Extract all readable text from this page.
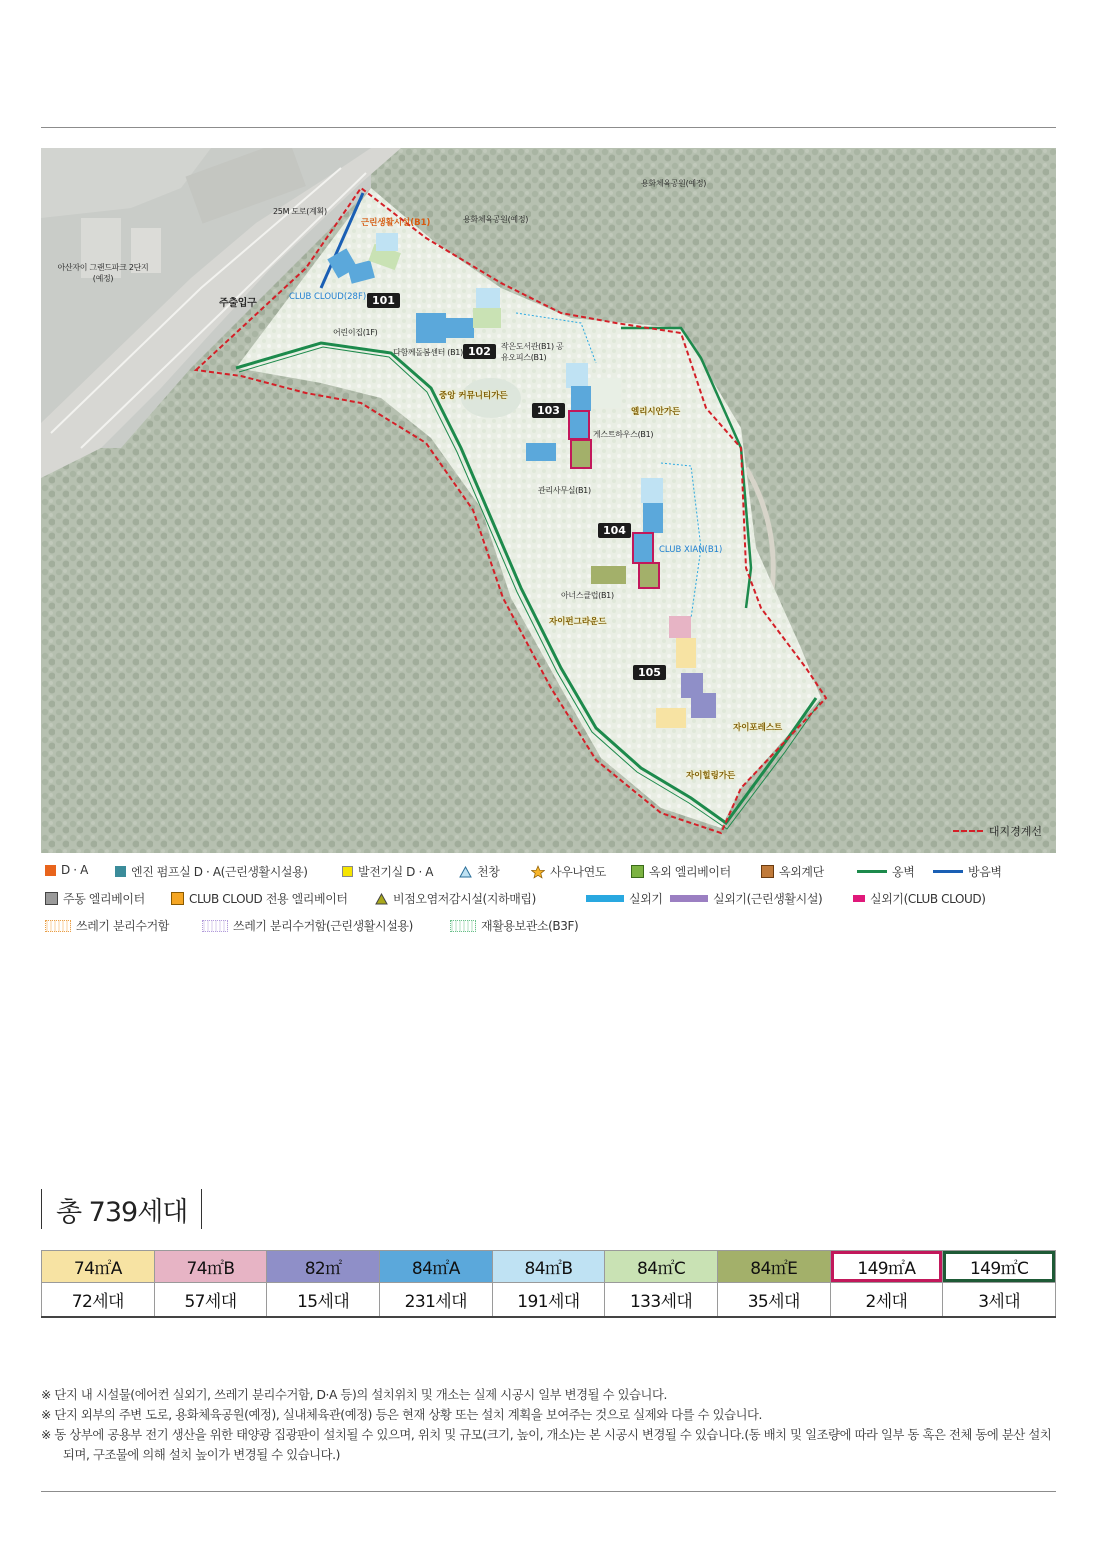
용화체육공원(예정)
용화체육공원(예정)
25M 도로(계획)
아산자이 그랜드파크 2단지(예정)
주출입구
근린생활시설(B1)
CLUB CLOUD(28F)
어린이집(1F)
다함께돌봄센터 (B1)
작은도서관(B1) 공유오피스(B1)
게스트하우스(B1)
관리사무실(B1)
CLUB XIAN(B1)
아너스클럽(B1)
중앙 커뮤니티가든
엘리시안가든
자이펀그라운드
자이포레스트
자이힐링가든
101
102
103
104
105
대지경계선
D · A	엔진 펌프실 D · A(근린생활시설용)	발전기실 D · A	천창	사우나연도	옥외 엘리베이터	옥외계단	옹벽	방음벽
주동 엘리베이터	CLUB CLOUD 전용 엘리베이터	비점오염저감시설(지하매립)	실외기	실외기(근린생활시설)	실외기(CLUB CLOUD)
쓰레기 분리수거함	쓰레기 분리수거함(근린생활시설용)	재활용보관소(B3F)
총 739세대
74㎡A	74㎡B	82㎡	84㎡A	84㎡B	84㎡C	84㎡E	149㎡A	149㎡C
72세대	57세대	15세대	231세대	191세대	133세대	35세대	2세대	3세대
※ 단지 내 시설물(에어컨 실외기, 쓰레기 분리수거함, D·A 등)의 설치위치 및 개소는 실제 시공시 일부 변경될 수 있습니다.
※ 단지 외부의 주변 도로, 용화체육공원(예정), 실내체육관(예정) 등은 현재 상황 또는 설치 계획을 보여주는 것으로 실제와 다를 수 있습니다.
※ 동 상부에 공용부 전기 생산을 위한 태양광 집광판이 설치될 수 있으며, 위치 및 규모(크기, 높이, 개소)는 본 시공시 변경될 수 있습니다.(동 배치 및 일조량에 따라 일부 동 혹은 전체 동에 분산 설치되며, 구조물에 의해 설치 높이가 변경될 수 있습니다.)
